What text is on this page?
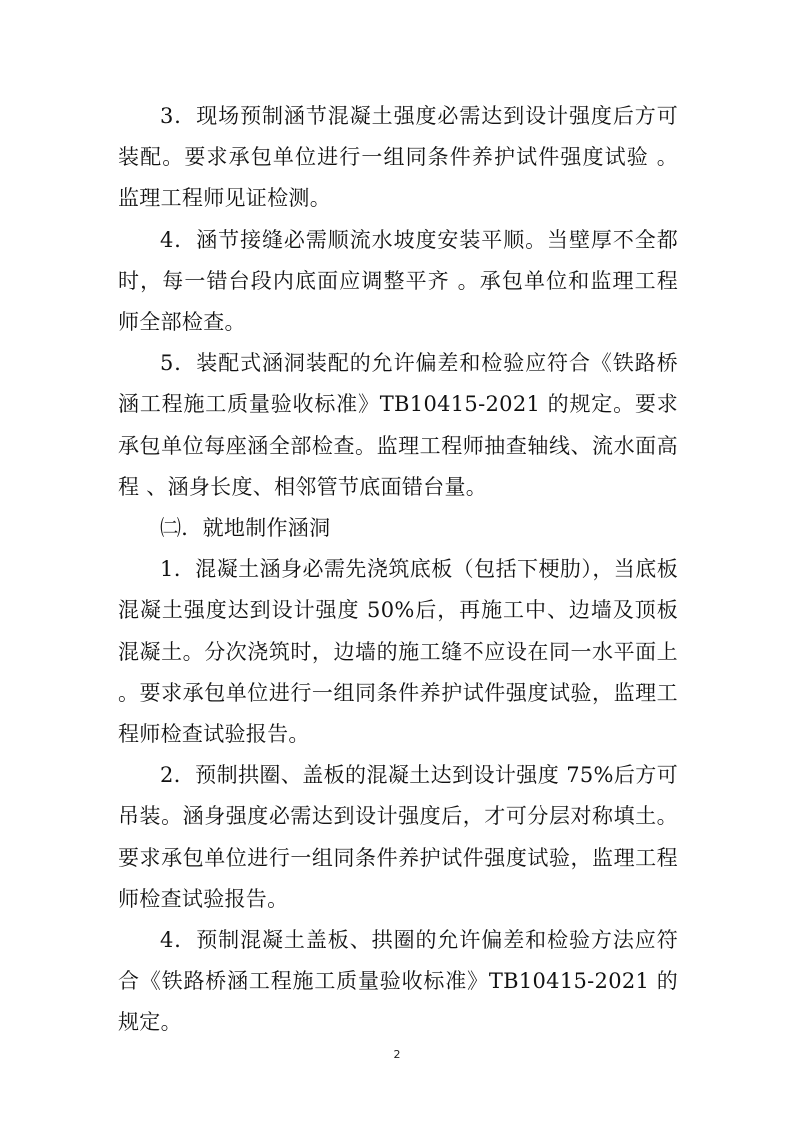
3．现场预制涵节混凝土强度必需达到设计强度后方可装配。要求承包单位进行一组同条件养护试件强度试验 。监理工程师见证检测。

4．涵节接缝必需顺流水坡度安装平顺。当壁厚不全都时，每一错台段内底面应调整平齐 。承包单位和监理工程师全部检查。

5．装配式涵洞装配的允许偏差和检验应符合《铁路桥涵工程施工质量验收标准》TB10415-2021 的规定。要求承包单位每座涵全部检查。监理工程师抽查轴线、流水面高程 、涵身长度、相邻管节底面错台量。

㈡．就地制作涵洞

1．混凝土涵身必需先浇筑底板（包括下梗肋），当底板混凝土强度达到设计强度 50%后，再施工中、边墙及顶板混凝土。分次浇筑时，边墙的施工缝不应设在同一水平面上 。要求承包单位进行一组同条件养护试件强度试验，监理工程师检查试验报告。

2．预制拱圈、盖板的混凝土达到设计强度 75%后方可吊装。涵身强度必需达到设计强度后，才可分层对称填土。要求承包单位进行一组同条件养护试件强度试验，监理工程师检查试验报告。

4．预制混凝土盖板、拱圈的允许偏差和检验方法应符合《铁路桥涵工程施工质量验收标准》TB10415-2021 的规定。

2
